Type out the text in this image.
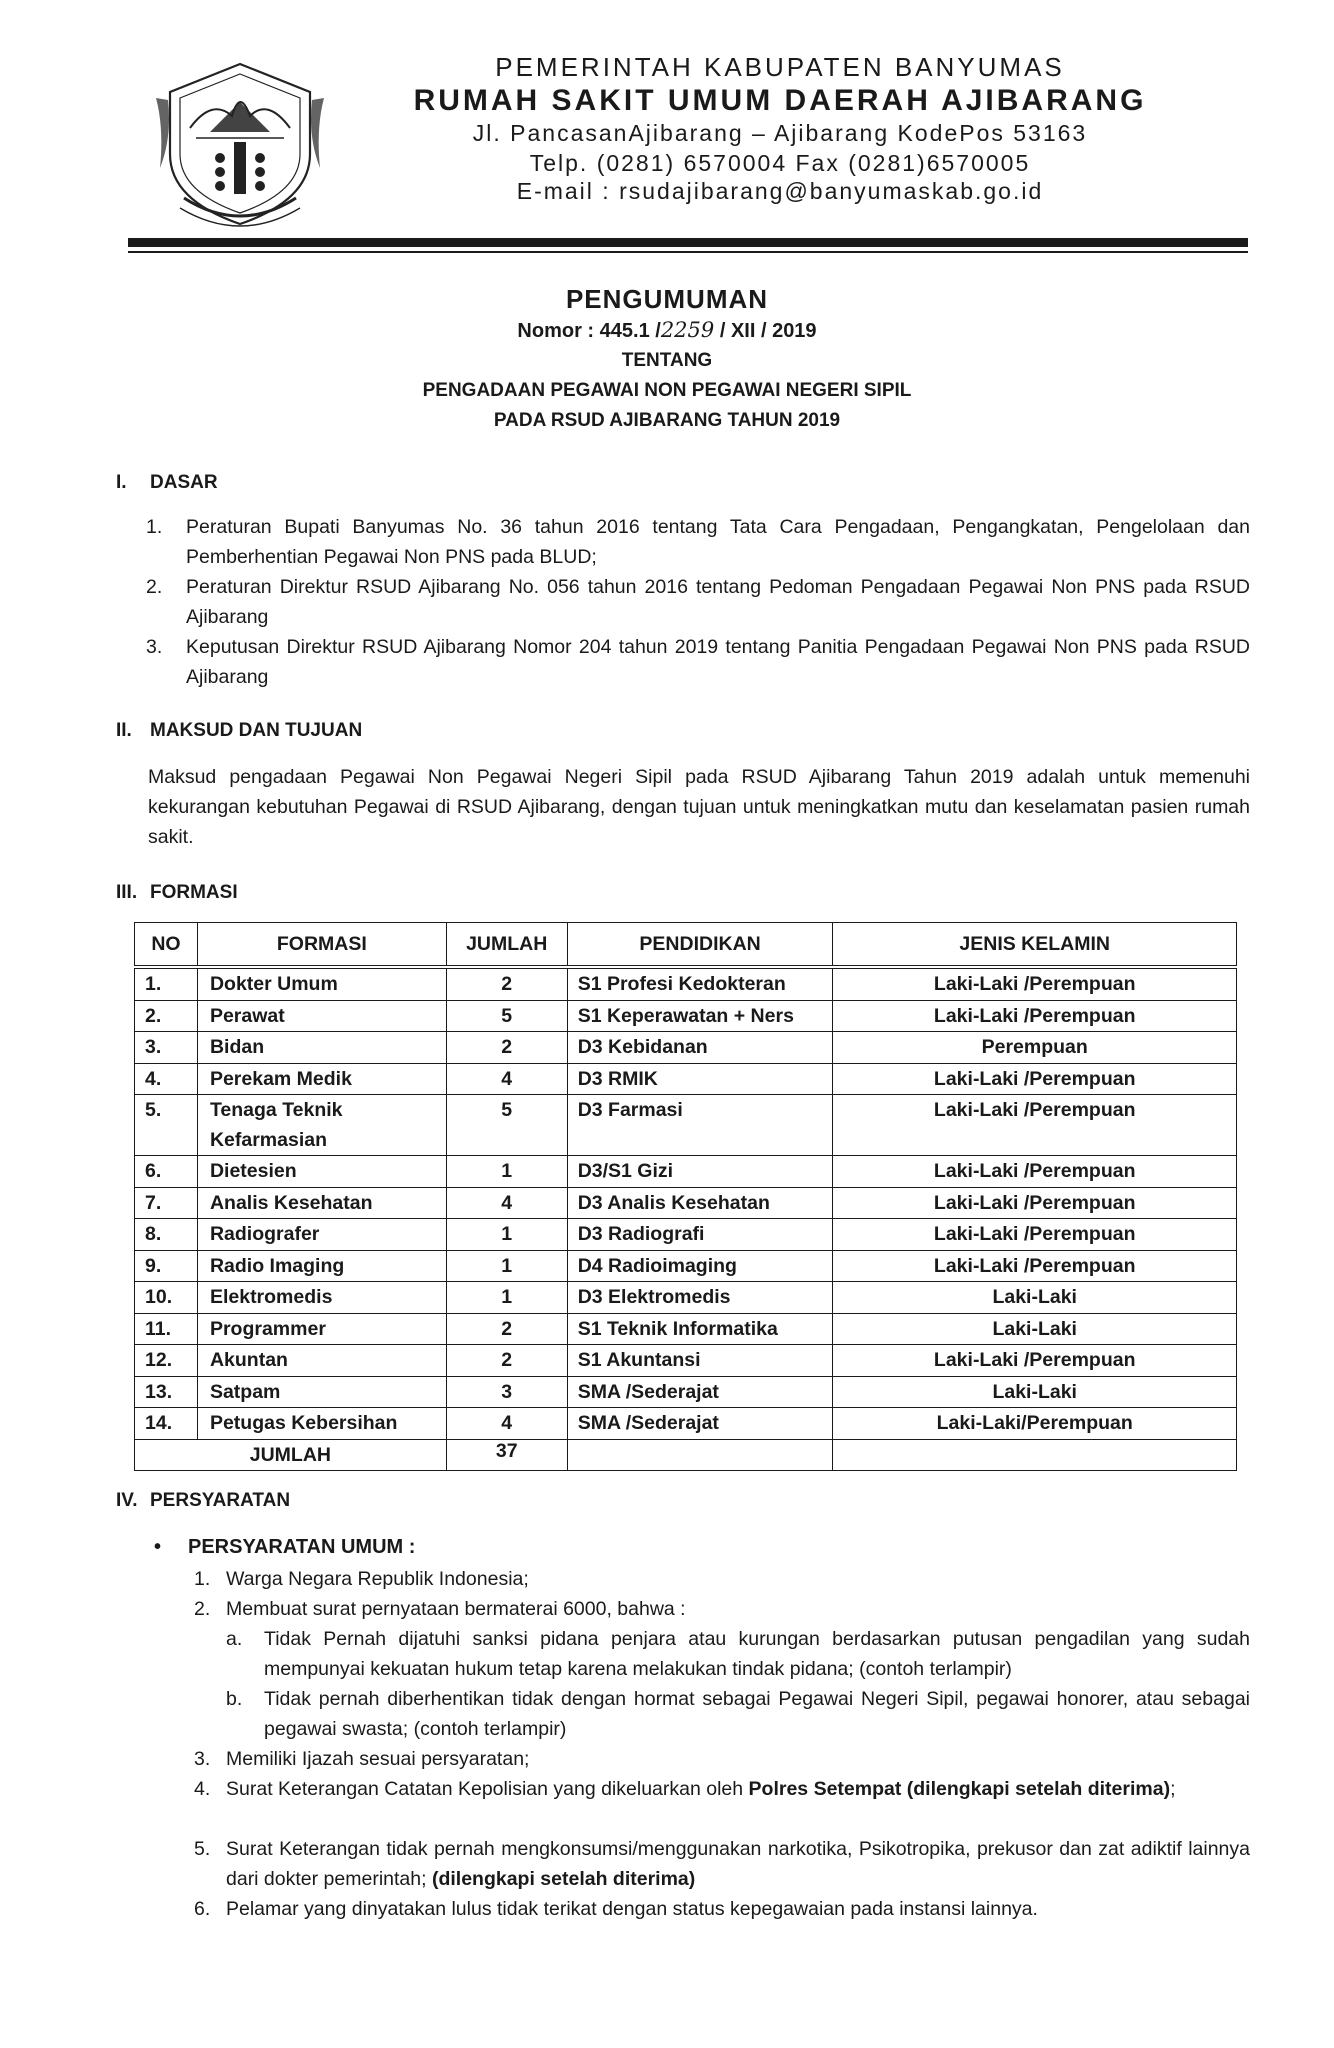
PEMERINTAH KABUPATEN BANYUMAS
RUMAH SAKIT UMUM DAERAH AJIBARANG
Jl. PancasanAjibarang – Ajibarang KodePos 53163
Telp. (0281) 6570004 Fax (0281)6570005
E-mail : rsudajibarang@banyumaskab.go.id
PENGUMUMAN
Nomor : 445.1 /2259 / XII / 2019
TENTANG
PENGADAAN PEGAWAI NON PEGAWAI NEGERI SIPIL
PADA RSUD AJIBARANG TAHUN 2019
I. DASAR
1. Peraturan Bupati Banyumas No. 36 tahun 2016 tentang Tata Cara Pengadaan, Pengangkatan, Pengelolaan dan Pemberhentian Pegawai Non PNS pada BLUD;
2. Peraturan Direktur RSUD Ajibarang No. 056 tahun 2016 tentang Pedoman Pengadaan Pegawai Non PNS pada RSUD Ajibarang
3. Keputusan Direktur RSUD Ajibarang Nomor 204 tahun 2019 tentang Panitia Pengadaan Pegawai Non PNS pada RSUD Ajibarang
II. MAKSUD DAN TUJUAN
Maksud pengadaan Pegawai Non Pegawai Negeri Sipil pada RSUD Ajibarang Tahun 2019 adalah untuk memenuhi kekurangan kebutuhan Pegawai di RSUD Ajibarang, dengan tujuan untuk meningkatkan mutu dan keselamatan pasien rumah sakit.
III. FORMASI
NO	FORMASI	JUMLAH	PENDIDIKAN	JENIS KELAMIN
1.	Dokter Umum	2	S1 Profesi Kedokteran	Laki-Laki /Perempuan
2.	Perawat	5	S1 Keperawatan + Ners	Laki-Laki /Perempuan
3.	Bidan	2	D3 Kebidanan	Perempuan
4.	Perekam Medik	4	D3 RMIK	Laki-Laki /Perempuan
5.	Tenaga Teknik Kefarmasian	5	D3 Farmasi	Laki-Laki /Perempuan
6.	Dietesien	1	D3/S1 Gizi	Laki-Laki /Perempuan
7.	Analis Kesehatan	4	D3 Analis Kesehatan	Laki-Laki /Perempuan
8.	Radiografer	1	D3 Radiografi	Laki-Laki /Perempuan
9.	Radio Imaging	1	D4 Radioimaging	Laki-Laki /Perempuan
10.	Elektromedis	1	D3 Elektromedis	Laki-Laki
11.	Programmer	2	S1 Teknik Informatika	Laki-Laki
12.	Akuntan	2	S1 Akuntansi	Laki-Laki /Perempuan
13.	Satpam	3	SMA /Sederajat	Laki-Laki
14.	Petugas Kebersihan	4	SMA /Sederajat	Laki-Laki/Perempuan
JUMLAH		37		
IV. PERSYARATAN
• PERSYARATAN UMUM :
1. Warga Negara Republik Indonesia;
2. Membuat surat pernyataan bermaterai 6000, bahwa :
a. Tidak Pernah dijatuhi sanksi pidana penjara atau kurungan berdasarkan putusan pengadilan yang sudah mempunyai kekuatan hukum tetap karena melakukan tindak pidana; (contoh terlampir)
b. Tidak pernah diberhentikan tidak dengan hormat sebagai Pegawai Negeri Sipil, pegawai honorer, atau sebagai pegawai swasta; (contoh terlampir)
3. Memiliki Ijazah sesuai persyaratan;
4. Surat Keterangan Catatan Kepolisian yang dikeluarkan oleh Polres Setempat (dilengkapi setelah diterima);
5. Surat Keterangan tidak pernah mengkonsumsi/menggunakan narkotika, Psikotropika, prekusor dan zat adiktif lainnya dari dokter pemerintah; (dilengkapi setelah diterima)
6. Pelamar yang dinyatakan lulus tidak terikat dengan status kepegawaian pada instansi lainnya.
